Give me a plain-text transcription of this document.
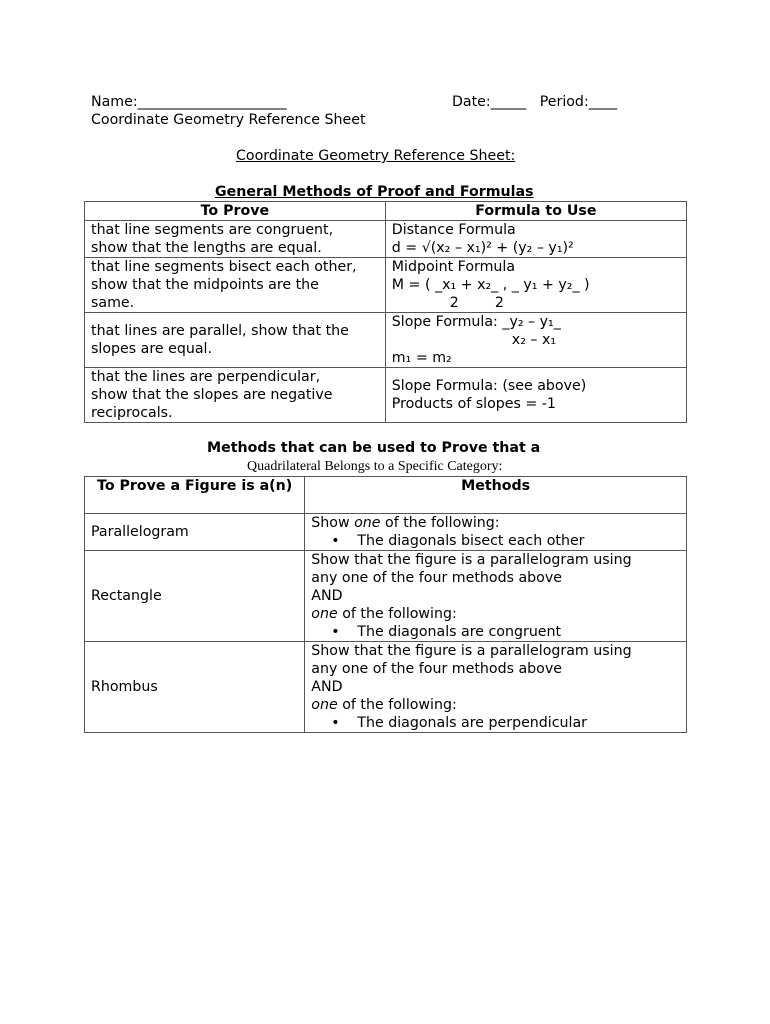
Name:_____________________	Date:_____ Period:____
Coordinate Geometry Reference Sheet
Coordinate Geometry Reference Sheet:
General Methods of Proof and Formulas
To Prove	Formula to Use

that line segments are congruent,
show that the lengths are equal.	Distance Formula
d = √(x₂ – x₁)² + (y₂ – y₁)²

that line segments bisect each other,
show that the midpoints are the
same.	Midpoint Formula
M = ( _x₁ + x₂_ , _ y₁ + y₂_ )
2        2

that lines are parallel, show that the
slopes are equal.	Slope Formula: _y₂ – y₁_
x₂ – x₁
m₁ = m₂

that the lines are perpendicular,
show that the slopes are negative
reciprocals.	Slope Formula: (see above)
Products of slopes = -1
Methods that can be used to Prove that a
Quadrilateral Belongs to a Specific Category:
To Prove a Figure is a(n)	Methods
Parallelogram	Show one of the following:
• The diagonals bisect each other

Rectangle	Show that the figure is a parallelogram using
any one of the four methods above
AND
one of the following:
• The diagonals are congruent

Rhombus	Show that the figure is a parallelogram using
any one of the four methods above
AND
one of the following:
• The diagonals are perpendicular
